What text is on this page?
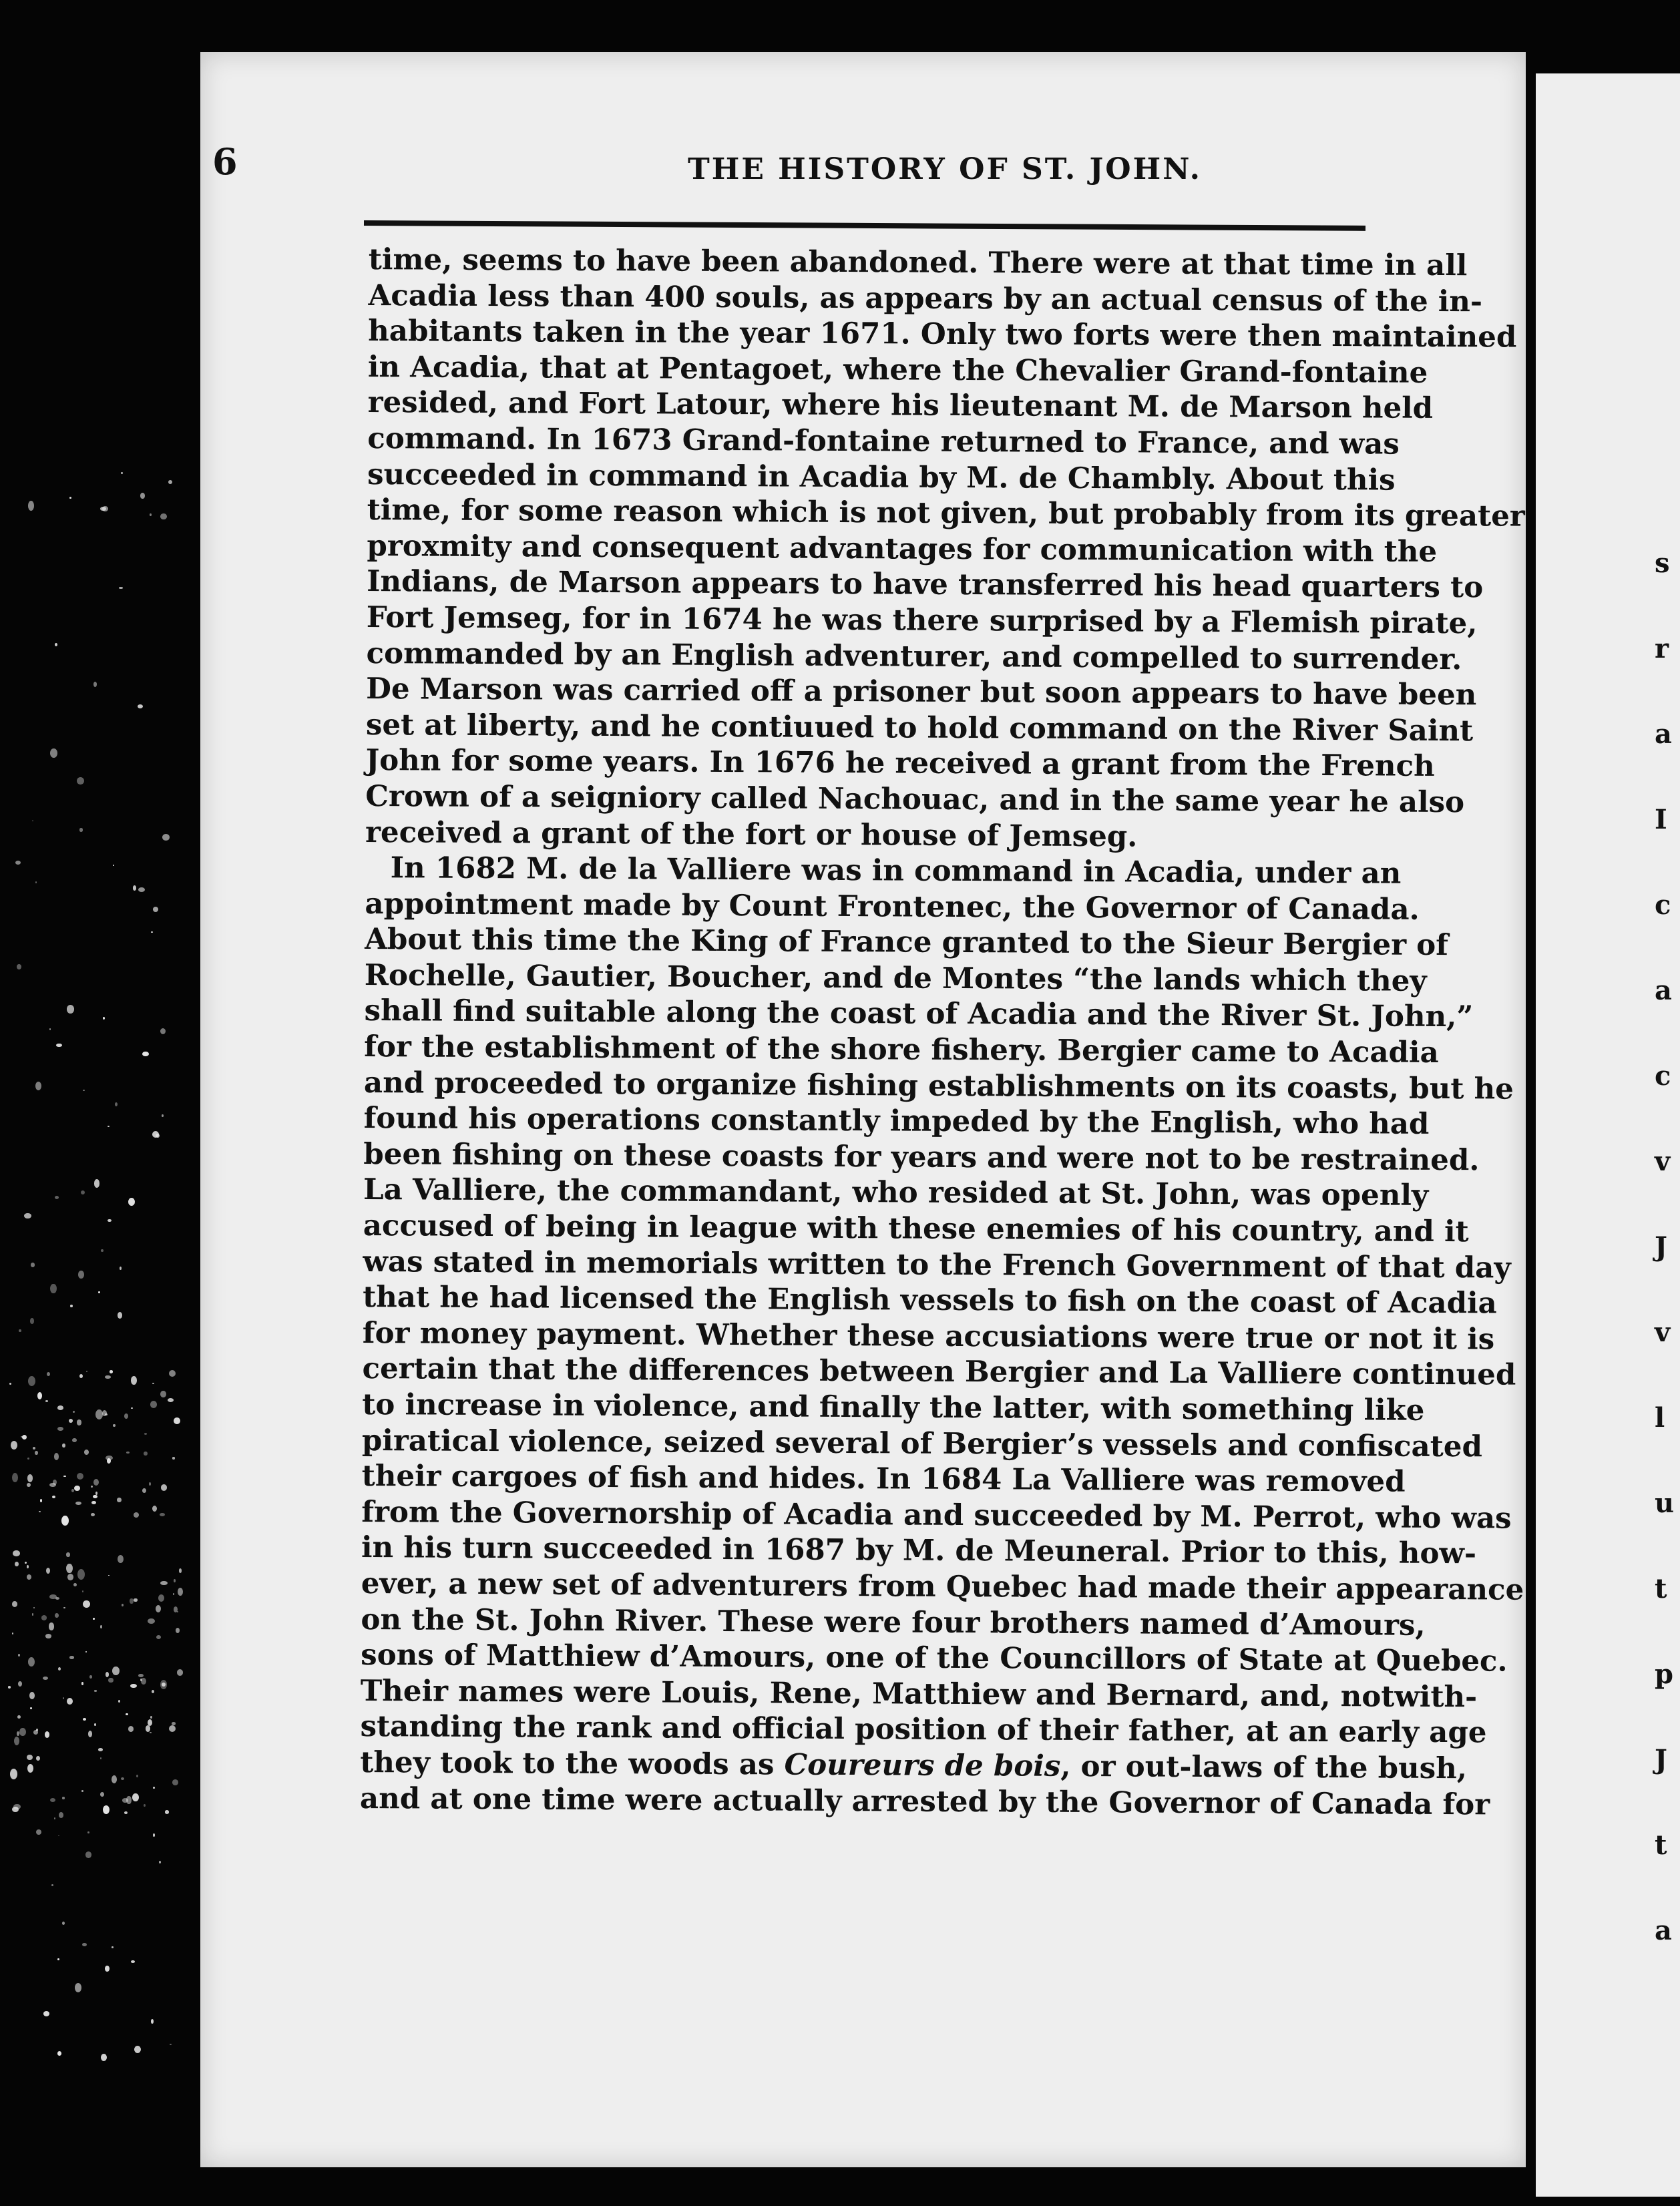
s
r
a
I
c
a
c
v
J
v
l
u
t
p
J
t
a
6	THE HISTORY OF ST. JOHN.
time, seems to have been abandoned. There were at that time in all
Acadia less than 400 souls, as appears by an actual census of the in-
habitants taken in the year 1671. Only two forts were then maintained
in Acadia, that at Pentagoet, where the Chevalier Grand-fontaine
resided, and Fort Latour, where his lieutenant M. de Marson held
command. In 1673 Grand-fontaine returned to France, and was
succeeded in command in Acadia by M. de Chambly. About this
time, for some reason which is not given, but probably from its greater
proxmity and consequent advantages for communication with the
Indians, de Marson appears to have transferred his head quarters to
Fort Jemseg, for in 1674 he was there surprised by a Flemish pirate,
commanded by an English adventurer, and compelled to surrender.
De Marson was carried off a prisoner but soon appears to have been
set at liberty, and he contiuued to hold command on the River Saint
John for some years. In 1676 he received a grant from the French
Crown of a seigniory called Nachouac, and in the same year he also
received a grant of the fort or house of Jemseg.
In 1682 M. de la Valliere was in command in Acadia, under an
appointment made by Count Frontenec, the Governor of Canada.
About this time the King of France granted to the Sieur Bergier of
Rochelle, Gautier, Boucher, and de Montes “the lands which they
shall find suitable along the coast of Acadia and the River St. John,”
for the establishment of the shore fishery. Bergier came to Acadia
and proceeded to organize fishing establishments on its coasts, but he
found his operations constantly impeded by the English, who had
been fishing on these coasts for years and were not to be restrained.
La Valliere, the commandant, who resided at St. John, was openly
accused of being in league with these enemies of his country, and it
was stated in memorials written to the French Government of that day
that he had licensed the English vessels to fish on the coast of Acadia
for money payment. Whether these accusiations were true or not it is
certain that the differences between Bergier and La Valliere continued
to increase in violence, and finally the latter, with something like
piratical violence, seized several of Bergier’s vessels and confiscated
their cargoes of fish and hides. In 1684 La Valliere was removed
from the Governorship of Acadia and succeeded by M. Perrot, who was
in his turn succeeded in 1687 by M. de Meuneral. Prior to this, how-
ever, a new set of adventurers from Quebec had made their appearance
on the St. John River. These were four brothers named d’Amours,
sons of Matthiew d’Amours, one of the Councillors of State at Quebec.
Their names were Louis, Rene, Matthiew and Bernard, and, notwith-
standing the rank and official position of their father, at an early age
they took to the woods as Coureurs de bois, or out-laws of the bush,
and at one time were actually arrested by the Governor of Canada for
